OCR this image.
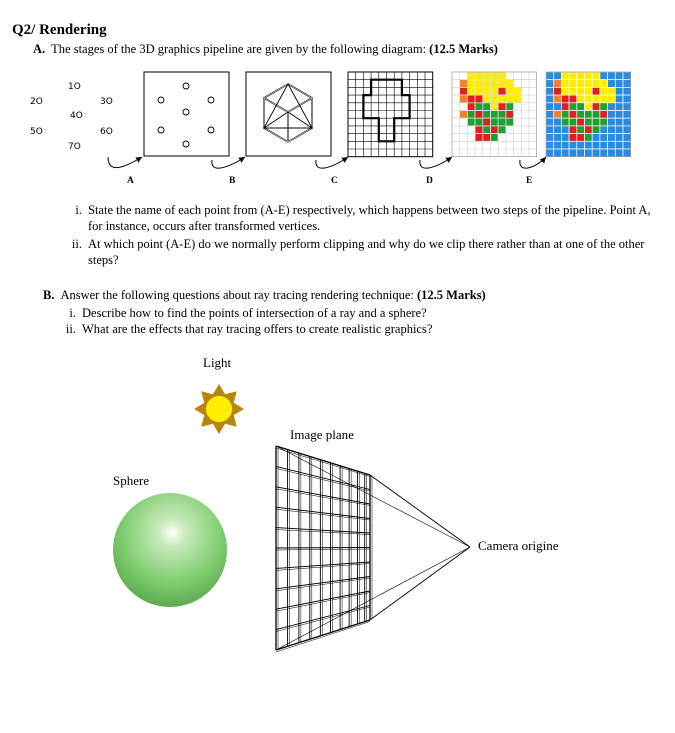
Q2/ Rendering
A. The stages of the 3D graphics pipeline are given by the following diagram: (12.5 Marks)
1O
2O	3O
4O
5O	6O
7O
A	B	C	D	E
i. State the name of each point from (A-E) respectively, which happens between two steps of the pipeline. Point A, for instance, occurs after transformed vertices.
ii. At which point (A-E) do we normally perform clipping and why do we clip there rather than at one of the other steps?
B. Answer the following questions about ray tracing rendering technique: (12.5 Marks)
i. Describe how to find the points of intersection of a ray and a sphere?
ii. What are the effects that ray tracing offers to create realistic graphics?
Light
Sphere
Image plane
Camera origine
